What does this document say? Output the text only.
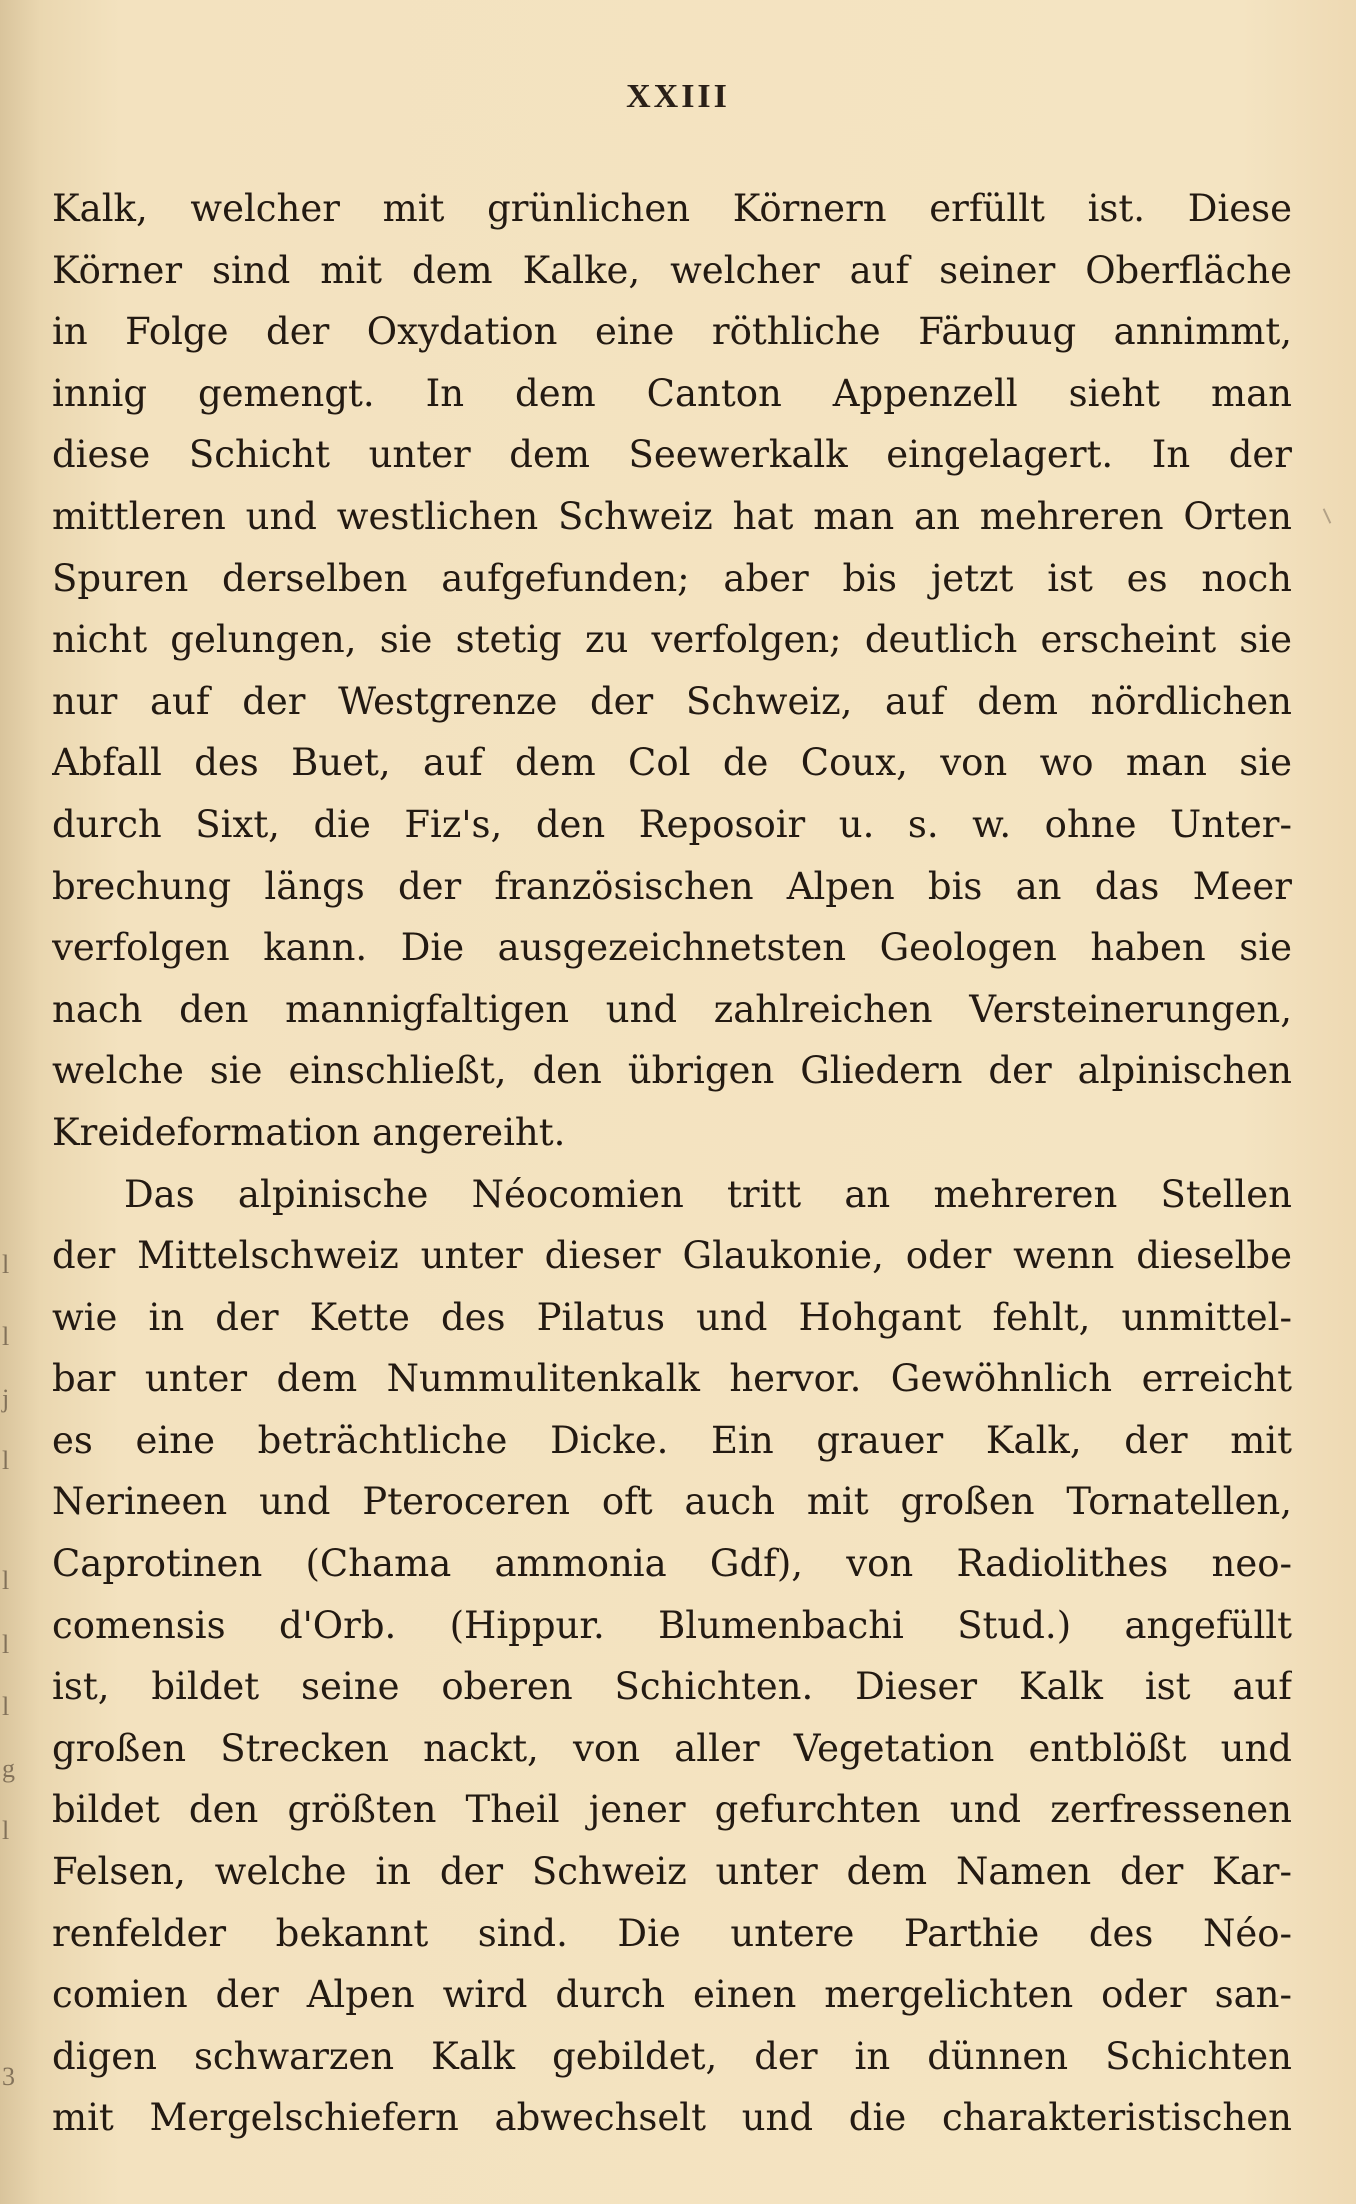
l
l
j
l
l
l
l
g
l
3
XXIII
Kalk, welcher mit grünlichen Körnern erfüllt ist. Diese
Körner sind mit dem Kalke, welcher auf seiner Oberfläche
in Folge der Oxydation eine röthliche Färbuug annimmt,
innig gemengt. In dem Canton Appenzell sieht man
diese Schicht unter dem Seewerkalk eingelagert. In der
mittleren und westlichen Schweiz hat man an mehreren Orten
Spuren derselben aufgefunden; aber bis jetzt ist es noch
nicht gelungen, sie stetig zu verfolgen; deutlich erscheint sie
nur auf der Westgrenze der Schweiz, auf dem nördlichen
Abfall des Buet, auf dem Col de Coux, von wo man sie
durch Sixt, die Fiz's, den Reposoir u. s. w. ohne Unter-
brechung längs der französischen Alpen bis an das Meer
verfolgen kann. Die ausgezeichnetsten Geologen haben sie
nach den mannigfaltigen und zahlreichen Versteinerungen,
welche sie einschließt, den übrigen Gliedern der alpinischen
Kreideformation angereiht.
Das alpinische Néocomien tritt an mehreren Stellen
der Mittelschweiz unter dieser Glaukonie, oder wenn dieselbe
wie in der Kette des Pilatus und Hohgant fehlt, unmittel-
bar unter dem Nummulitenkalk hervor. Gewöhnlich erreicht
es eine beträchtliche Dicke. Ein grauer Kalk, der mit
Nerineen und Pteroceren oft auch mit großen Tornatellen,
Caprotinen (Chama ammonia Gdf), von Radiolithes neo-
comensis d'Orb. (Hippur. Blumenbachi Stud.) angefüllt
ist, bildet seine oberen Schichten. Dieser Kalk ist auf
großen Strecken nackt, von aller Vegetation entblößt und
bildet den größten Theil jener gefurchten und zerfressenen
Felsen, welche in der Schweiz unter dem Namen der Kar-
renfelder bekannt sind. Die untere Parthie des Néo-
comien der Alpen wird durch einen mergelichten oder san-
digen schwarzen Kalk gebildet, der in dünnen Schichten
mit Mergelschiefern abwechselt und die charakteristischen
